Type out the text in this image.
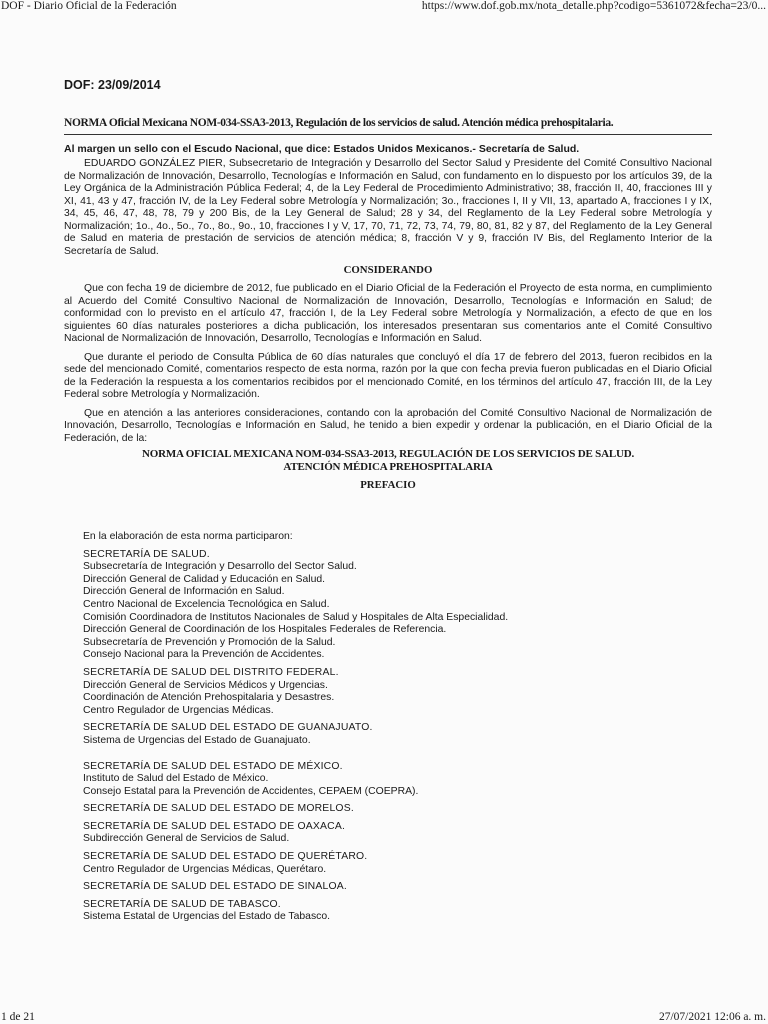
DOF - Diario Oficial de la Federación	https://www.dof.gob.mx/nota_detalle.php?codigo=5361072&fecha=23/0...
DOF: 23/09/2014
NORMA Oficial Mexicana NOM-034-SSA3-2013, Regulación de los servicios de salud. Atención médica prehospitalaria.
Al margen un sello con el Escudo Nacional, que dice: Estados Unidos Mexicanos.- Secretaría de Salud.

EDUARDO GONZÁLEZ PIER, Subsecretario de Integración y Desarrollo del Sector Salud y Presidente del Comité Consultivo Nacional de Normalización de Innovación, Desarrollo, Tecnologías e Información en Salud, con fundamento en lo dispuesto por los artículos 39, de la Ley Orgánica de la Administración Pública Federal; 4, de la Ley Federal de Procedimiento Administrativo; 38, fracción II, 40, fracciones III y XI, 41, 43 y 47, fracción IV, de la Ley Federal sobre Metrología y Normalización; 3o., fracciones I, II y VII, 13, apartado A, fracciones I y IX, 34, 45, 46, 47, 48, 78, 79 y 200 Bis, de la Ley General de Salud; 28 y 34, del Reglamento de la Ley Federal sobre Metrología y Normalización; 1o., 4o., 5o., 7o., 8o., 9o., 10, fracciones I y V, 17, 70, 71, 72, 73, 74, 79, 80, 81, 82 y 87, del Reglamento de la Ley General de Salud en materia de prestación de servicios de atención médica; 8, fracción V y 9, fracción IV Bis, del Reglamento Interior de la Secretaría de Salud.

CONSIDERANDO

Que con fecha 19 de diciembre de 2012, fue publicado en el Diario Oficial de la Federación el Proyecto de esta norma, en cumplimiento al Acuerdo del Comité Consultivo Nacional de Normalización de Innovación, Desarrollo, Tecnologías e Información en Salud; de conformidad con lo previsto en el artículo 47, fracción I, de la Ley Federal sobre Metrología y Normalización, a efecto de que en los siguientes 60 días naturales posteriores a dicha publicación, los interesados presentaran sus comentarios ante el Comité Consultivo Nacional de Normalización de Innovación, Desarrollo, Tecnologías e Información en Salud.

Que durante el periodo de Consulta Pública de 60 días naturales que concluyó el día 17 de febrero del 2013, fueron recibidos en la sede del mencionado Comité, comentarios respecto de esta norma, razón por la que con fecha previa fueron publicadas en el Diario Oficial de la Federación la respuesta a los comentarios recibidos por el mencionado Comité, en los términos del artículo 47, fracción III, de la Ley Federal sobre Metrología y Normalización.

Que en atención a las anteriores consideraciones, contando con la aprobación del Comité Consultivo Nacional de Normalización de Innovación, Desarrollo, Tecnologías e Información en Salud, he tenido a bien expedir y ordenar la publicación, en el Diario Oficial de la Federación, de la:

NORMA OFICIAL MEXICANA NOM-034-SSA3-2013, REGULACIÓN DE LOS SERVICIOS DE SALUD.
ATENCIÓN MÉDICA PREHOSPITALARIA
PREFACIO
En la elaboración de esta norma participaron:
SECRETARÍA DE SALUD.
Subsecretaría de Integración y Desarrollo del Sector Salud.
Dirección General de Calidad y Educación en Salud.
Dirección General de Información en Salud.
Centro Nacional de Excelencia Tecnológica en Salud.
Comisión Coordinadora de Institutos Nacionales de Salud y Hospitales de Alta Especialidad.
Dirección General de Coordinación de los Hospitales Federales de Referencia.
Subsecretaría de Prevención y Promoción de la Salud.
Consejo Nacional para la Prevención de Accidentes.
SECRETARÍA DE SALUD DEL DISTRITO FEDERAL.
Dirección General de Servicios Médicos y Urgencias.
Coordinación de Atención Prehospitalaria y Desastres.
Centro Regulador de Urgencias Médicas.
SECRETARÍA DE SALUD DEL ESTADO DE GUANAJUATO.
Sistema de Urgencias del Estado de Guanajuato.
SECRETARÍA DE SALUD DEL ESTADO DE MÉXICO.
Instituto de Salud del Estado de México.
Consejo Estatal para la Prevención de Accidentes, CEPAEM (COEPRA).
SECRETARÍA DE SALUD DEL ESTADO DE MORELOS.
SECRETARÍA DE SALUD DEL ESTADO DE OAXACA.
Subdirección General de Servicios de Salud.
SECRETARÍA DE SALUD DEL ESTADO DE QUERÉTARO.
Centro Regulador de Urgencias Médicas, Querétaro.
SECRETARÍA DE SALUD DEL ESTADO DE SINALOA.
SECRETARÍA DE SALUD DE TABASCO.
Sistema Estatal de Urgencias del Estado de Tabasco.
1 de 21	27/07/2021 12:06 a. m.
